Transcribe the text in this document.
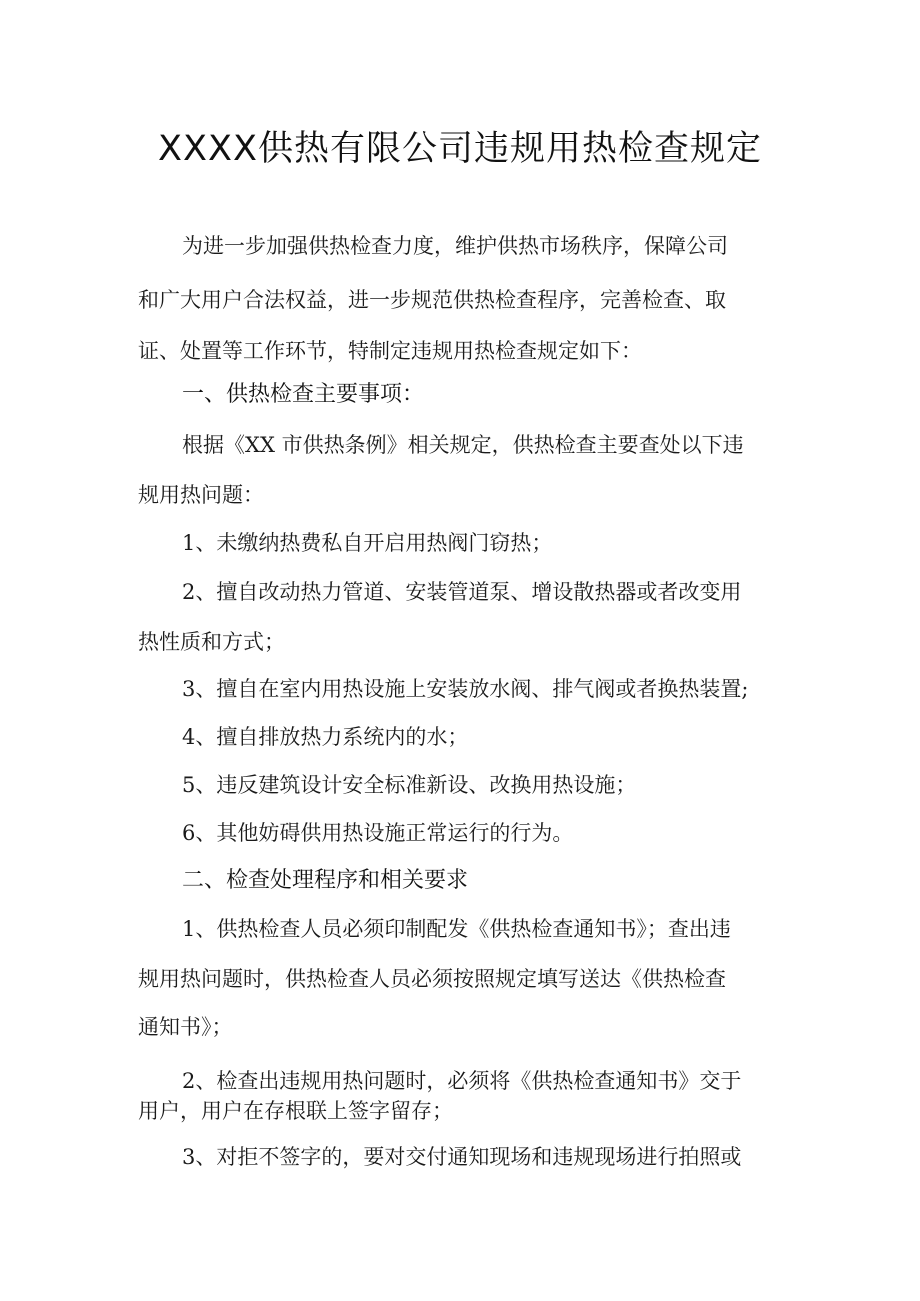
XXXX供热有限公司违规用热检查规定
为进一步加强供热检查力度，维护供热市场秩序，保障公司
和广大用户合法权益，进一步规范供热检查程序，完善检查、取
证、处置等工作环节，特制定违规用热检查规定如下：
一、供热检查主要事项：
根据《XX 市供热条例》相关规定，供热检查主要查处以下违
规用热问题：
1、未缴纳热费私自开启用热阀门窃热；
2、擅自改动热力管道、安装管道泵、增设散热器或者改变用
热性质和方式；
3、擅自在室内用热设施上安装放水阀、排气阀或者换热装置;
4、擅自排放热力系统内的水；
5、违反建筑设计安全标准新设、改换用热设施；
6、其他妨碍供用热设施正常运行的行为。
二、检查处理程序和相关要求
1、供热检查人员必须印制配发《供热检查通知书》；查出违
规用热问题时，供热检查人员必须按照规定填写送达《供热检查
通知书》；
2、检查出违规用热问题时，必须将《供热检查通知书》交于
用户，用户在存根联上签字留存；
3、对拒不签字的，要对交付通知现场和违规现场进行拍照或
